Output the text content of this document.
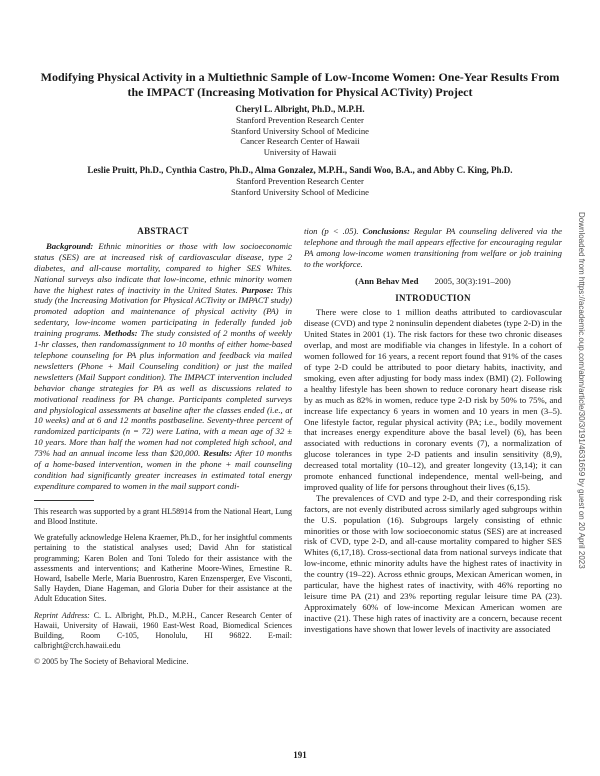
Modifying Physical Activity in a Multiethnic Sample of Low-Income Women: One-Year Results From the IMPACT (Increasing Motivation for Physical ACTivity) Project
Cheryl L. Albright, Ph.D., M.P.H.
Stanford Prevention Research Center
Stanford University School of Medicine
Cancer Research Center of Hawaii
University of Hawaii
Leslie Pruitt, Ph.D., Cynthia Castro, Ph.D., Alma Gonzalez, M.P.H., Sandi Woo, B.A., and Abby C. King, Ph.D.
Stanford Prevention Research Center
Stanford University School of Medicine
Downloaded from https://academic.oup.com/abm/article/30/3/191/4631659 by guest on 20 April 2023
ABSTRACT

Background: Ethnic minorities or those with low socioeconomic status (SES) are at increased risk of cardiovascular disease, type 2 diabetes, and all-cause mortality, compared to higher SES Whites. National surveys also indicate that low-income, ethnic minority women have the highest rates of inactivity in the United States. Purpose: This study (the Increasing Motivation for Physical ACTivity or IMPACT study) promoted adoption and maintenance of physical activity (PA) in sedentary, low-income women participating in federally funded job training programs. Methods: The study consisted of 2 months of weekly 1-hr classes, then randomassignment to 10 months of either home-based telephone counseling for PA plus information and feedback via mailed newsletters (Phone + Mail Counseling condition) or just the mailed newsletters (Mail Support condition). The IMPACT intervention included behavior change strategies for PA as well as discussions related to motivational readiness for PA change. Participants completed surveys and physiological assessments at baseline after the classes ended (i.e., at 10 weeks) and at 6 and 12 months postbaseline. Seventy-three percent of randomized participants (n = 72) were Latina, with a mean age of 32 ± 10 years. More than half the women had not completed high school, and 73% had an annual income less than $20,000. Results: After 10 months of a home-based intervention, women in the phone + mail counseling condition had significantly greater increases in estimated total energy expenditure compared to women in the mail support condi-

This research was supported by a grant HL58914 from the National Heart, Lung and Blood Institute.

We gratefully acknowledge Helena Kraemer, Ph.D., for her insightful comments pertaining to the statistical analyses used; David Ahn for statistical programming; Karen Bolen and Toni Toledo for their assistance with the assessments and interventions; and Katherine Moore-Wines, Ernestine R. Howard, Isabelle Merle, Maria Buenrostro, Karen Enzensperger, Eve Visconti, Sally Hayden, Diane Hageman, and Gloria Duber for their assistance at the Adult Education Sites.

Reprint Address: C. L. Albright, Ph.D., M.P.H., Cancer Research Center of Hawaii, University of Hawaii, 1960 East-West Road, Biomedical Sciences Building, Room C-105, Honolulu, HI 96822. E-mail: calbright@crch.hawaii.edu

© 2005 by The Society of Behavioral Medicine.

tion (p < .05). Conclusions: Regular PA counseling delivered via the telephone and through the mail appears effective for encouraging regular PA among low-income women transitioning from welfare or job training to the workforce.

(Ann Behav Med 2005, 30(3):191–200)
INTRODUCTION

There were close to 1 million deaths attributed to cardiovascular disease (CVD) and type 2 noninsulin dependent diabetes (type 2-D) in the United States in 2001 (1). The risk factors for these two chronic diseases overlap, and most are modifiable via changes in lifestyle. In a cohort of women followed for 16 years, a recent report found that 91% of the cases of type 2-D could be attributed to poor dietary habits, inactivity, and smoking, even after adjusting for body mass index (BMI) (2). Following a healthy lifestyle has been shown to reduce coronary heart disease risk by as much as 82% in women, reduce type 2-D risk by 50% to 75%, and increase life expectancy 6 years in women and 10 years in men (3–5). One lifestyle factor, regular physical activity (PA; i.e., bodily movement that increases energy expenditure above the basal level) (6), has been associated with reductions in coronary events (7), a normalization of glucose tolerances in type 2-D patients and insulin sensitivity (8,9), decreased total mortality (10–12), and greater longevity (13,14); it can promote enhanced functional independence, mental well-being, and improved quality of life for persons throughout their lives (6,15).

The prevalences of CVD and type 2-D, and their corresponding risk factors, are not evenly distributed across similarly aged subgroups within the U.S. population (16). Subgroups largely consisting of ethnic minorities or those with low socioeconomic status (SES) are at increased risk of CVD, type 2-D, and all-cause mortality compared to higher SES Whites (6,17,18). Cross-sectional data from national surveys indicate that low-income, ethnic minority adults have the highest rates of inactivity in the country (19–22). Across ethnic groups, Mexican American women, in particular, have the highest rates of inactivity, with 46% reporting no leisure time PA (21) and 23% reporting regular leisure time PA (23). Approximately 60% of low-income Mexican American women are inactive (21). These high rates of inactivity are a concern, because recent investigations have shown that lower levels of inactivity are associated

191
